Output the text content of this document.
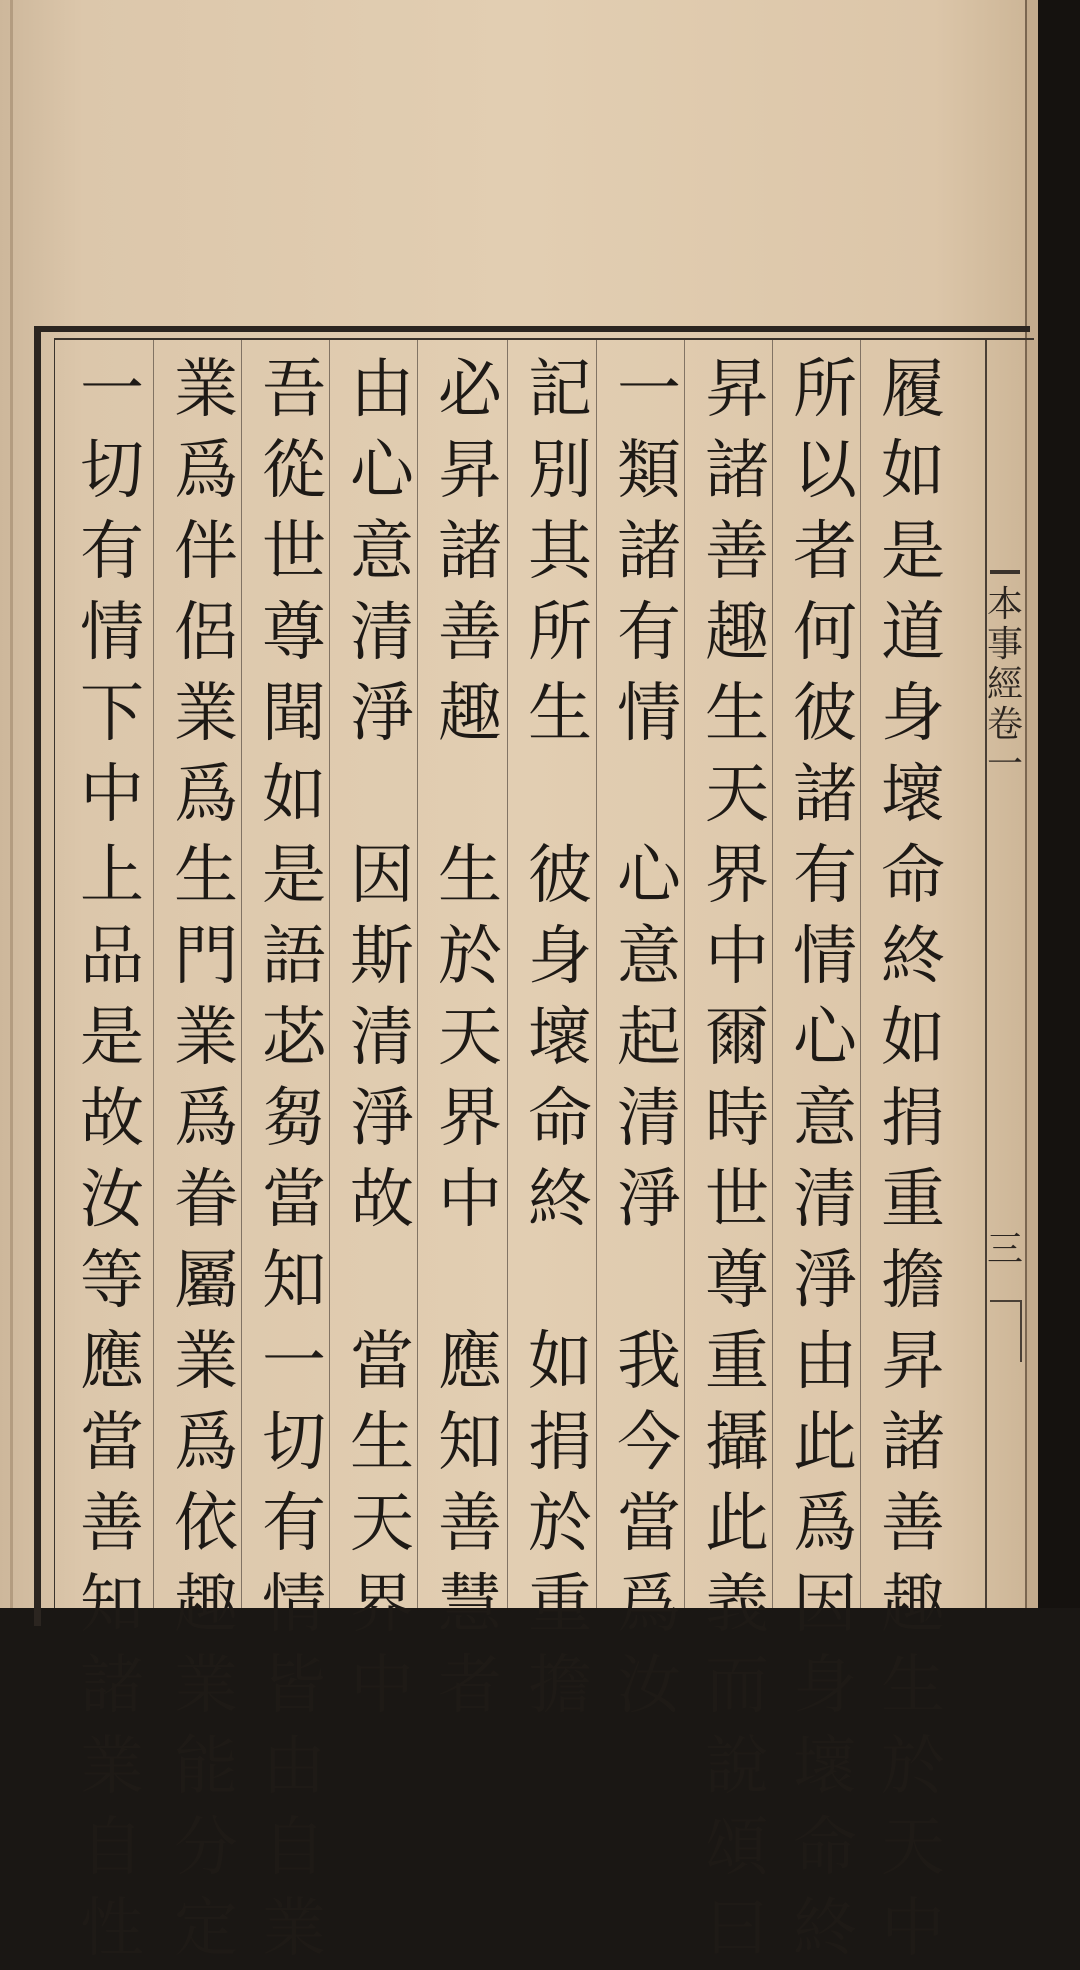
履
如
是
道
身
壞
命
終
如
捐
重
擔
昇
諸
善
趣
生
於
天
中
所
以
者
何
彼
諸
有
情
心
意
清
淨
由
此
爲
因
身
壞
命
終
昇
諸
善
趣
生
天
界
中
爾
時
世
尊
重
攝
此
義
而
說
頌
曰
一
類
諸
有
情
心
意
起
清
淨
我
今
當
爲
汝
記
別
其
所
生
彼
身
壞
命
終
如
捐
於
重
擔
必
昇
諸
善
趣
生
於
天
界
中
應
知
善
慧
者
由
心
意
清
淨
因
斯
清
淨
故
當
生
天
界
中
吾
從
世
尊
聞
如
是
語
苾
芻
當
知
一
切
有
情
皆
由
自
業
業
爲
伴
侶
業
爲
生
門
業
爲
眷
屬
業
爲
依
趣
業
能
分
定
一
切
有
情
下
中
上
品
是
故
汝
等
應
當
善
知
諸
業
自
性
本
事
經
卷
一
三
